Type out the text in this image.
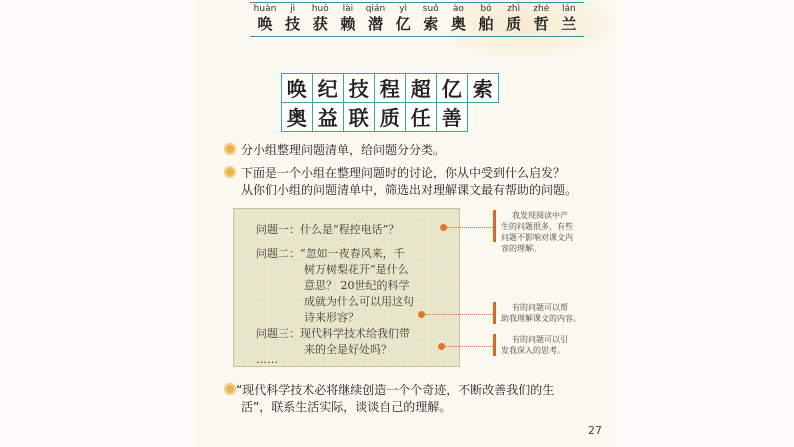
huàn
唤
jì
技
huò
获
lài
赖
qián
潜
yì
亿
suǒ
索
ào
奥
bó
舶
zhì
质
zhé
哲
lán
兰
唤 纪 技 程 超 亿 索
奥 益 联 质 任 善
分小组整理问题清单，给问题分分类。
下面是一个小组在整理问题时的讨论，你从中受到什么启发？
从你们小组的问题清单中，筛选出对理解课文最有帮助的问题。
问题一：什么是“程控电话”？
问题二：“忽如一夜春风来，千
树万树梨花开”是什么
意思？ 20世纪的科学
成就为什么可以用这句
诗来形容？
问题三：现代科学技术给我们带
来的全是好处吗？
……
我发现阅读中产
生的问题很多，有些
问题不影响对课文内
容的理解。
有的问题可以帮
助我理解课文的内容。
有的问题可以引
发我深入的思考。
“现代科学技术必将继续创造一个个奇迹，不断改善我们的生
活”，联系生活实际，谈谈自己的理解。
27
